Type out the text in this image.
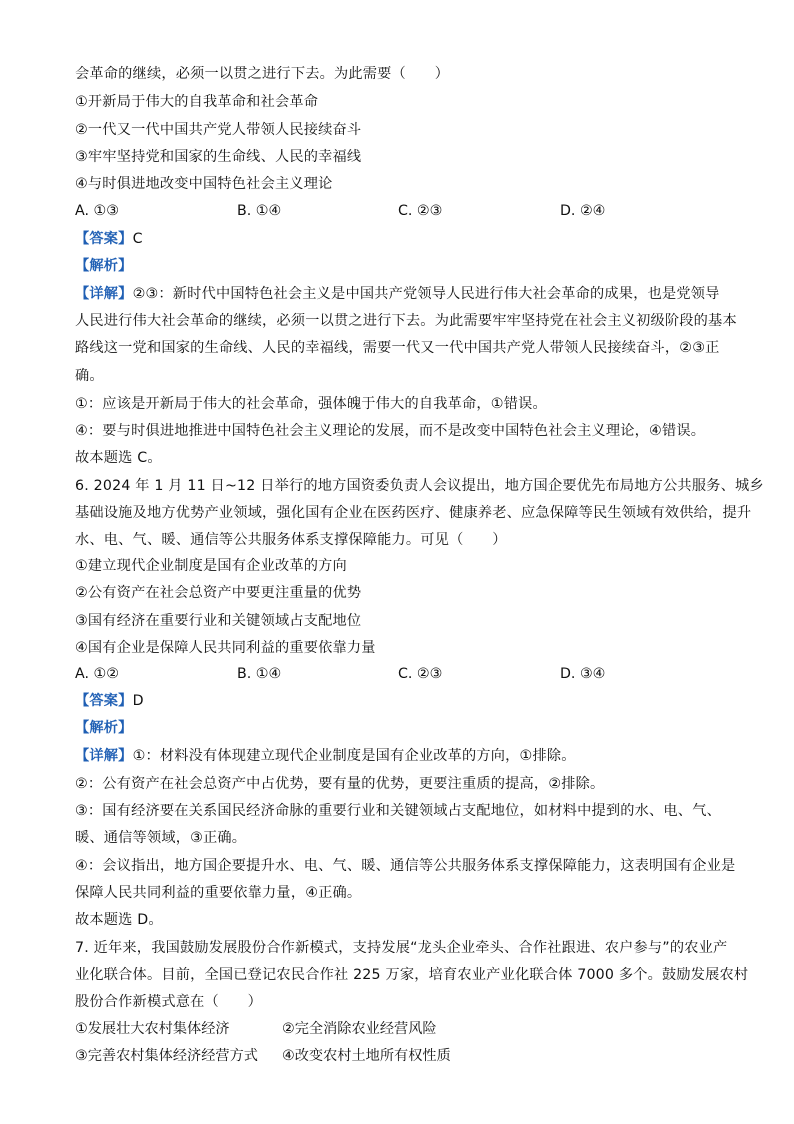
会革命的继续，必须一以贯之进行下去。为此需要（　　）
①开新局于伟大的自我革命和社会革命
②一代又一代中国共产党人带领人民接续奋斗
③牢牢坚持党和国家的生命线、人民的幸福线
④与时俱进地改变中国特色社会主义理论
A. ①③	B. ①④	C. ②③	D. ②④
【答案】C
【解析】
【详解】②③：新时代中国特色社会主义是中国共产党领导人民进行伟大社会革命的成果，也是党领导
人民进行伟大社会革命的继续，必须一以贯之进行下去。为此需要牢牢坚持党在社会主义初级阶段的基本
路线这一党和国家的生命线、人民的幸福线，需要一代又一代中国共产党人带领人民接续奋斗，②③正
确。
①：应该是开新局于伟大的社会革命，强体魄于伟大的自我革命，①错误。
④：要与时俱进地推进中国特色社会主义理论的发展，而不是改变中国特色社会主义理论，④错误。
故本题选 C。
6. 2024 年 1 月 11 日~12 日举行的地方国资委负责人会议提出，地方国企要优先布局地方公共服务、城乡
基础设施及地方优势产业领域，强化国有企业在医药医疗、健康养老、应急保障等民生领域有效供给，提升
水、电、气、暖、通信等公共服务体系支撑保障能力。可见（　　）
①建立现代企业制度是国有企业改革的方向
②公有资产在社会总资产中要更注重量的优势
③国有经济在重要行业和关键领域占支配地位
④国有企业是保障人民共同利益的重要依靠力量
A. ①②	B. ①④	C. ②③	D. ③④
【答案】D
【解析】
【详解】①：材料没有体现建立现代企业制度是国有企业改革的方向，①排除。
②：公有资产在社会总资产中占优势，要有量的优势，更要注重质的提高，②排除。
③：国有经济要在关系国民经济命脉的重要行业和关键领域占支配地位，如材料中提到的水、电、气、
暖、通信等领域，③正确。
④：会议指出，地方国企要提升水、电、气、暖、通信等公共服务体系支撑保障能力，这表明国有企业是
保障人民共同利益的重要依靠力量，④正确。
故本题选 D。
7. 近年来，我国鼓励发展股份合作新模式，支持发展“龙头企业牵头、合作社跟进、农户参与”的农业产
业化联合体。目前，全国已登记农民合作社 225 万家，培育农业产业化联合体 7000 多个。鼓励发展农村
股份合作新模式意在（　　）
①发展壮大农村集体经济	②完全消除农业经营风险
③完善农村集体经济经营方式 ④改变农村土地所有权性质
